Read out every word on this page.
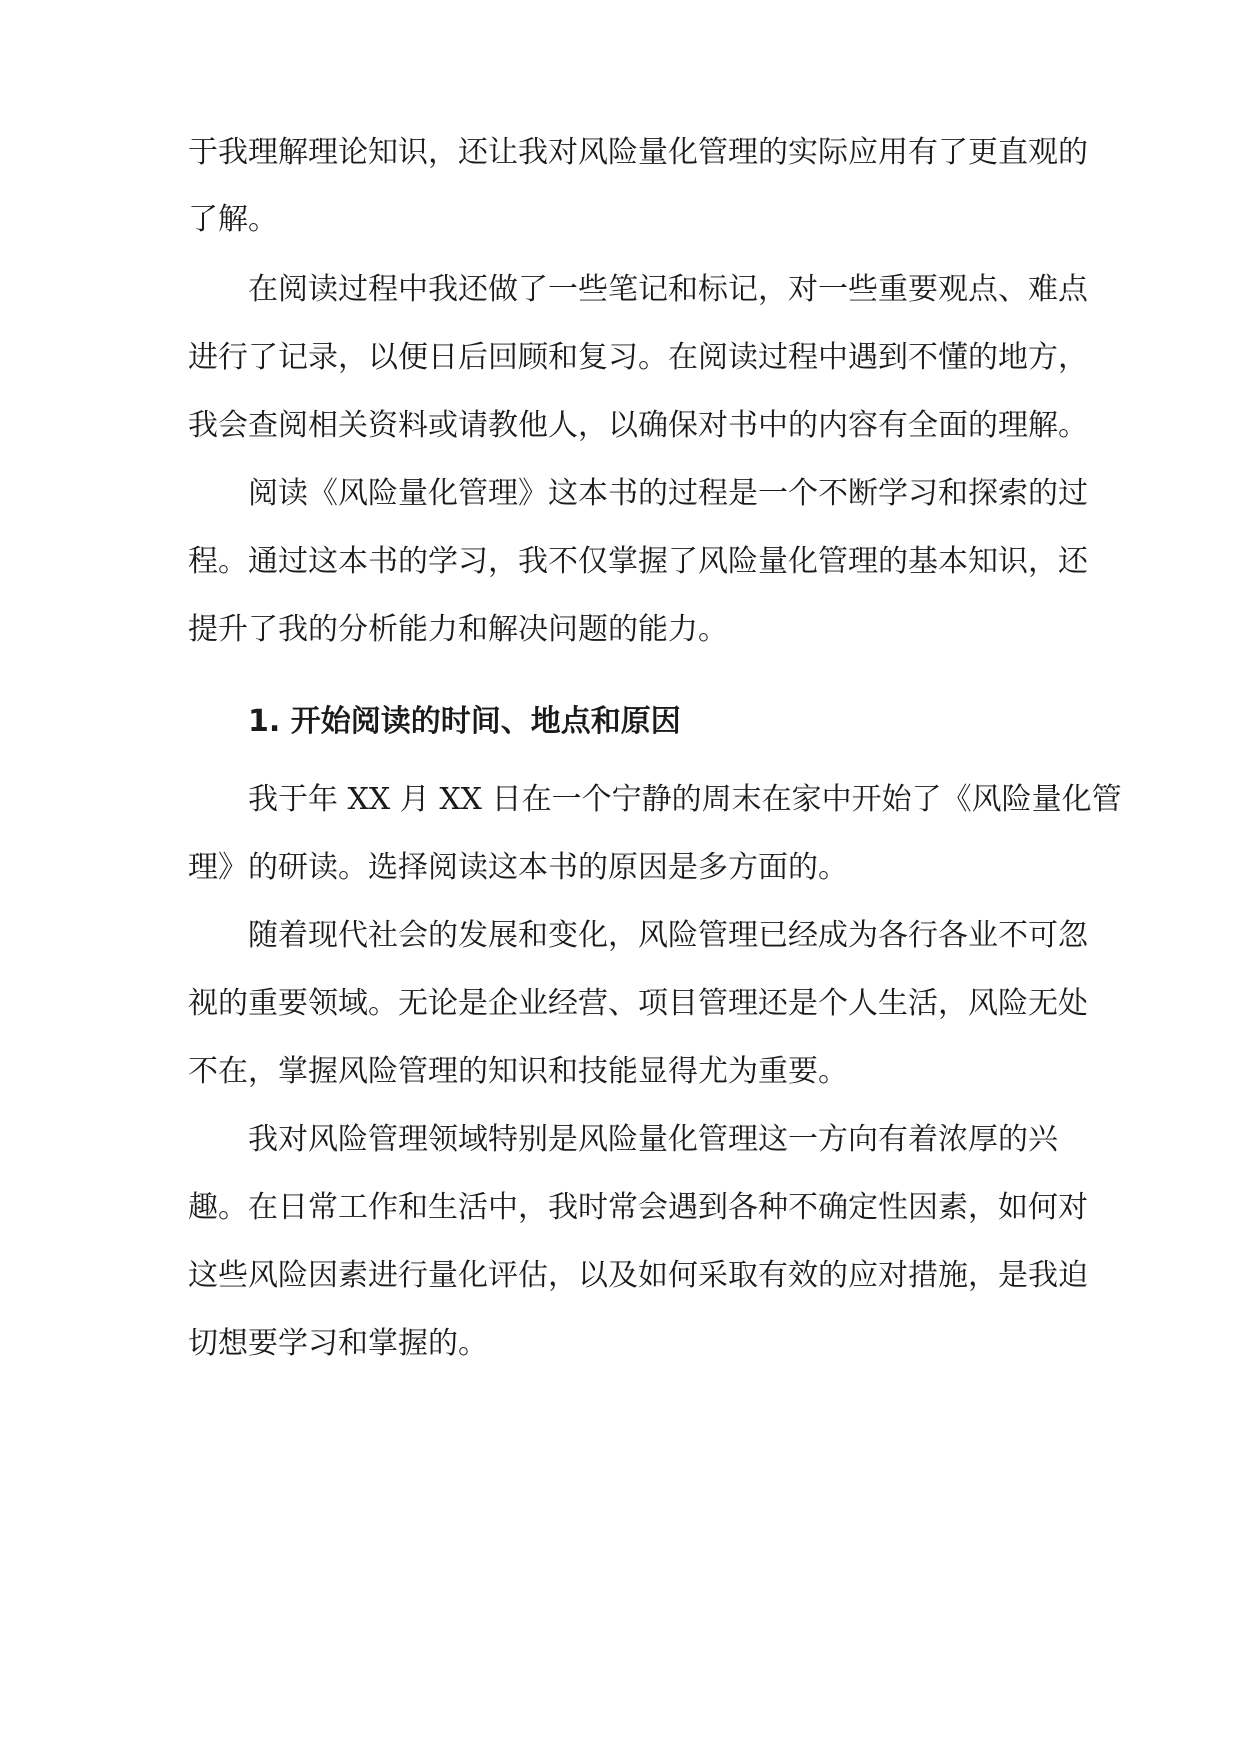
于我理解理论知识，还让我对风险量化管理的实际应用有了更直观的
了解。
在阅读过程中我还做了一些笔记和标记，对一些重要观点、难点
进行了记录，以便日后回顾和复习。在阅读过程中遇到不懂的地方，
我会查阅相关资料或请教他人，以确保对书中的内容有全面的理解。
阅读《风险量化管理》这本书的过程是一个不断学习和探索的过
程。通过这本书的学习，我不仅掌握了风险量化管理的基本知识，还
提升了我的分析能力和解决问题的能力。
1. 开始阅读的时间、地点和原因
我于年 XX 月 XX 日在一个宁静的周末在家中开始了《风险量化管
理》的研读。选择阅读这本书的原因是多方面的。
随着现代社会的发展和变化，风险管理已经成为各行各业不可忽
视的重要领域。无论是企业经营、项目管理还是个人生活，风险无处
不在，掌握风险管理的知识和技能显得尤为重要。
我对风险管理领域特别是风险量化管理这一方向有着浓厚的兴
趣。在日常工作和生活中，我时常会遇到各种不确定性因素，如何对
这些风险因素进行量化评估，以及如何采取有效的应对措施，是我迫
切想要学习和掌握的。
